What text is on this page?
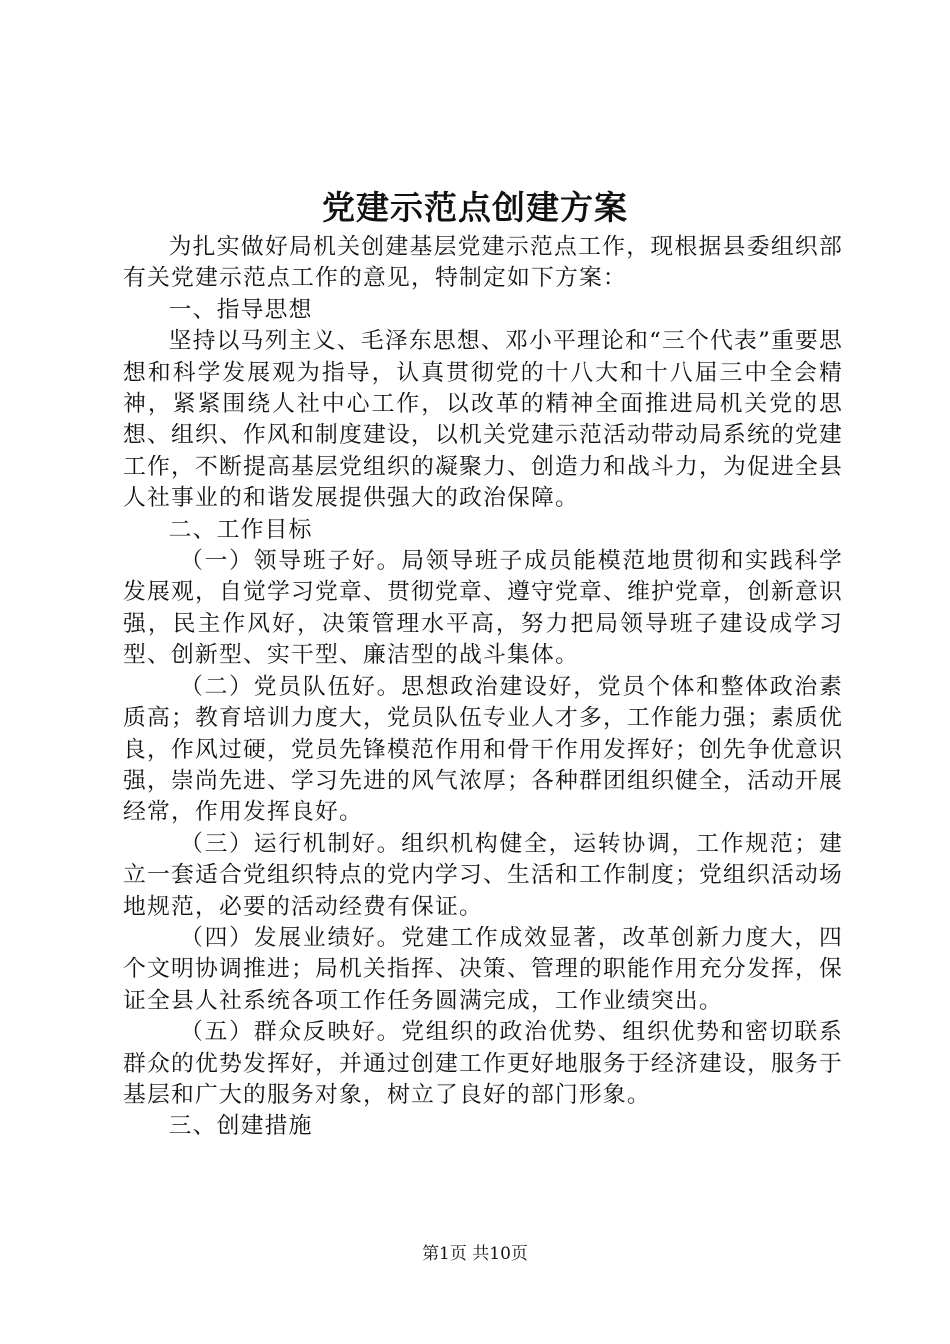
党建示范点创建方案

为扎实做好局机关创建基层党建示范点工作，现根据县委组织部有关党建示范点工作的意见，特制定如下方案：

一、指导思想

坚持以马列主义、毛泽东思想、邓小平理论和“三个代表”重要思想和科学发展观为指导，认真贯彻党的十八大和十八届三中全会精神，紧紧围绕人社中心工作，以改革的精神全面推进局机关党的思想、组织、作风和制度建设，以机关党建示范活动带动局系统的党建工作，不断提高基层党组织的凝聚力、创造力和战斗力，为促进全县人社事业的和谐发展提供强大的政治保障。

二、工作目标

（一）领导班子好。局领导班子成员能模范地贯彻和实践科学发展观，自觉学习党章、贯彻党章、遵守党章、维护党章，创新意识强，民主作风好，决策管理水平高，努力把局领导班子建设成学习型、创新型、实干型、廉洁型的战斗集体。

（二）党员队伍好。思想政治建设好，党员个体和整体政治素质高；教育培训力度大，党员队伍专业人才多，工作能力强；素质优良，作风过硬，党员先锋模范作用和骨干作用发挥好；创先争优意识强，崇尚先进、学习先进的风气浓厚；各种群团组织健全，活动开展经常，作用发挥良好。

（三）运行机制好。组织机构健全，运转协调，工作规范；建立一套适合党组织特点的党内学习、生活和工作制度；党组织活动场地规范，必要的活动经费有保证。

（四）发展业绩好。党建工作成效显著，改革创新力度大，四个文明协调推进；局机关指挥、决策、管理的职能作用充分发挥，保证全县人社系统各项工作任务圆满完成，工作业绩突出。

（五）群众反映好。党组织的政治优势、组织优势和密切联系群众的优势发挥好，并通过创建工作更好地服务于经济建设，服务于基层和广大的服务对象，树立了良好的部门形象。

三、创建措施

第1页 共10页
